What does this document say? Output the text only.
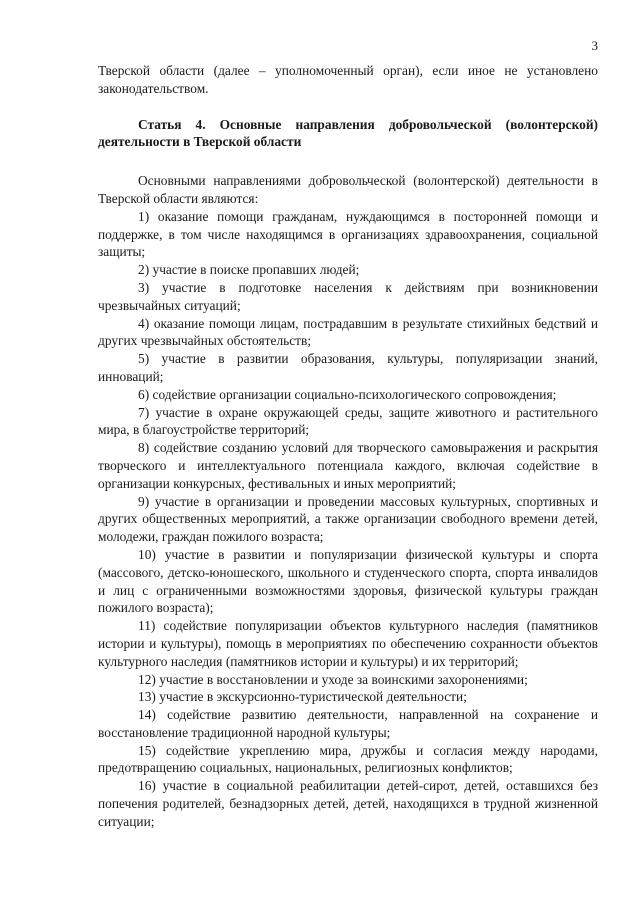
3

Тверской области (далее – уполномоченный орган), если иное не установлено законодательством.

Статья 4. Основные направления добровольческой (волонтерской) деятельности в Тверской области

Основными направлениями добровольческой (волонтерской) деятельности в Тверской области являются:

1) оказание помощи гражданам, нуждающимся в посторонней помощи и поддержке, в том числе находящимся в организациях здравоохранения, социальной защиты;

2) участие в поиске пропавших людей;

3) участие в подготовке населения к действиям при возникновении чрезвычайных ситуаций;

4) оказание помощи лицам, пострадавшим в результате стихийных бедствий и других чрезвычайных обстоятельств;

5) участие в развитии образования, культуры, популяризации знаний, инноваций;

6) содействие организации социально-психологического сопровождения;

7) участие в охране окружающей среды, защите животного и растительного мира, в благоустройстве территорий;

8) содействие созданию условий для творческого самовыражения и раскрытия творческого и интеллектуального потенциала каждого, включая содействие в организации конкурсных, фестивальных и иных мероприятий;

9) участие в организации и проведении массовых культурных, спортивных и других общественных мероприятий, а также организации свободного времени детей, молодежи, граждан пожилого возраста;

10) участие в развитии и популяризации физической культуры и спорта (массового, детско-юношеского, школьного и студенческого спорта, спорта инвалидов и лиц с ограниченными возможностями здоровья, физической культуры граждан пожилого возраста);

11) содействие популяризации объектов культурного наследия (памятников истории и культуры), помощь в мероприятиях по обеспечению сохранности объектов культурного наследия (памятников истории и культуры) и их территорий;

12) участие в восстановлении и уходе за воинскими захоронениями;

13) участие в экскурсионно-туристической деятельности;

14) содействие развитию деятельности, направленной на сохранение и восстановление традиционной народной культуры;

15) содействие укреплению мира, дружбы и согласия между народами, предотвращению социальных, национальных, религиозных конфликтов;

16) участие в социальной реабилитации детей-сирот, детей, оставшихся без попечения родителей, безнадзорных детей, детей, находящихся в трудной жизненной ситуации;
